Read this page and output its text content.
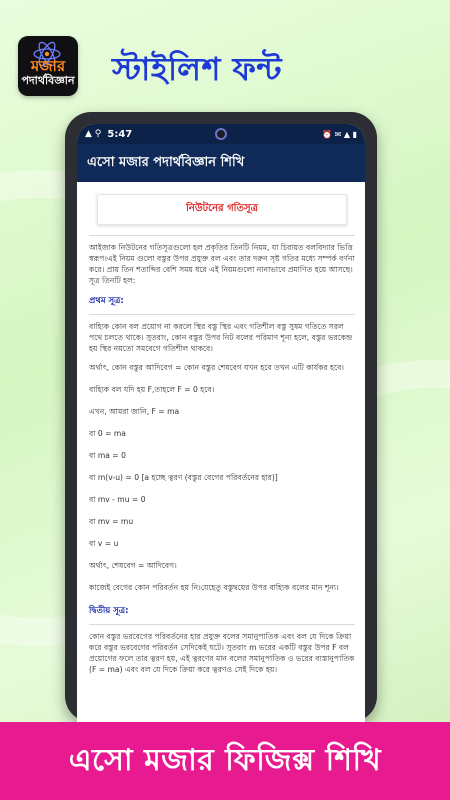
মজার
পদার্থবিজ্ঞান স্টাইলিশ ফন্ট
▲ ⚲ 5:47	⏰ ✉ ▲ ▮
এসো মজার পদার্থবিজ্ঞান শিখি
নিউটনের গতিসূত্র

আইজাক নিউটনের গতিসূত্রগুলো হল প্রকৃতির তিনটি নিয়ম, যা চিরায়ত বলবিদ্যার ভিত্তি স্বরূপ।এই নিয়ম গুলো বস্তুর উপর প্রযুক্ত বল এবং তার দরুন সৃষ্ট গতির মধ্যে সম্পর্ক বর্ণনা করে। প্রায় তিন শতাব্দির বেশি সময় ধরে এই নিয়মগুলো নানাভাবে প্রমাণিত হয়ে আসছে। সূত্র তিনটি হল:

প্রথম সূত্র:

বাহ্যিক কোন বল প্রয়োগ না করলে স্থির বস্তু স্থির এবং গতিশীল বস্তু সুষম গতিতে সরল পথে চলতে থাকে। সুতরাং, কোন বস্তুর উপর নিট বলের পরিমাণ শূন্য হলে, বস্তুর ভরকেন্দ্র হয় স্থির নয়তো সমবেগে গতিশীল থাকবে।

অর্থাৎ, কোন বস্তুর আদিবেগ = কোন বস্তুর শেষবেগ যখন হবে তখন এটি কার্যকর হবে।

বাহ্যিক বল যদি হয় F,তাহলে F = 0 হবে।

এখন, আমরা জানি, F = ma

বা 0 = ma

বা ma = 0

বা m(v-u) = 0 [a হচ্ছে ত্বরণ (বস্তুর বেগের পরিবর্তনের হার)]

বা mv - mu = 0

বা mv = mu

বা v = u

অর্থাৎ, শেষবেগ = আদিবেগ।

কাজেই বেগের কোন পরিবর্তন হয় নি।যেহেতু বস্তুদ্বয়ের উপর বাহ্যিক বলের মান শূন্য।

দ্বিতীয় সূত্র:

কোন বস্তুর ভরবেগের পরিবর্তনের হার প্রযুক্ত বলের সমানুপাতিক এবং বল যে দিকে ক্রিয়া করে বস্তুর ভরবেগের পরিবর্তন সেদিকেই ঘটে। সুতরাং m ভরের একটি বস্তুর উপর F বল প্রয়োগের ফলে তার ত্বরণ হয়, এই ত্বরণের মান বলের সমানুপাতিক ও ভরের ব্যস্তানুপাতিক (F = ma) এবং বল যে দিকে ক্রিয়া করে ত্বরণও সেই দিকে হয়।

এসো মজার ফিজিক্স শিখি
